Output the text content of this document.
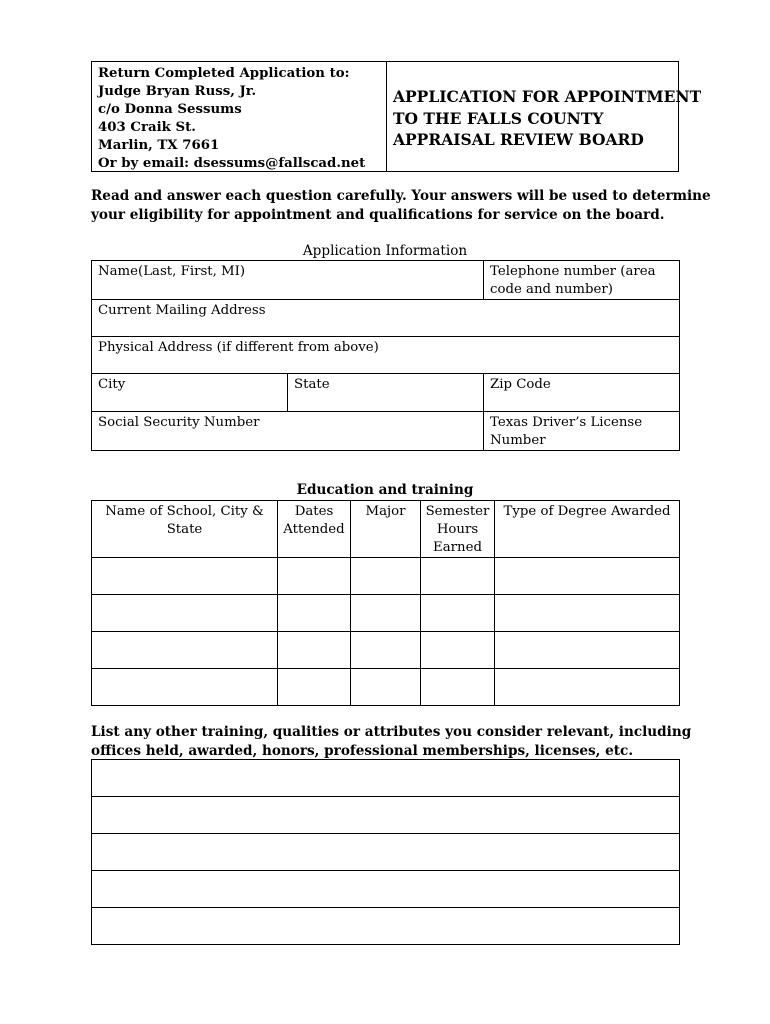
Return Completed Application to:
Judge Bryan Russ, Jr.
c/o Donna Sessums
403 Craik St.
Marlin, TX 7661
Or by email: dsessums@fallscad.net
APPLICATION FOR APPOINTMENT
TO THE FALLS COUNTY
APPRAISAL REVIEW BOARD
Read and answer each question carefully. Your answers will be used to determine
your eligibility for appointment and qualifications for service on the board.
Application Information
Name(Last, First, MI)		Telephone number (area code and number)
Current Mailing Address		
Physical Address (if different from above)		
City	State	Zip Code
Social Security Number		Texas Driver’s License Number
Education and training
Name of School, City & State	Dates Attended	Major	Semester Hours Earned	Type of Degree Awarded

List any other training, qualities or attributes you consider relevant, including
offices held, awarded, honors, professional memberships, licenses, etc.
